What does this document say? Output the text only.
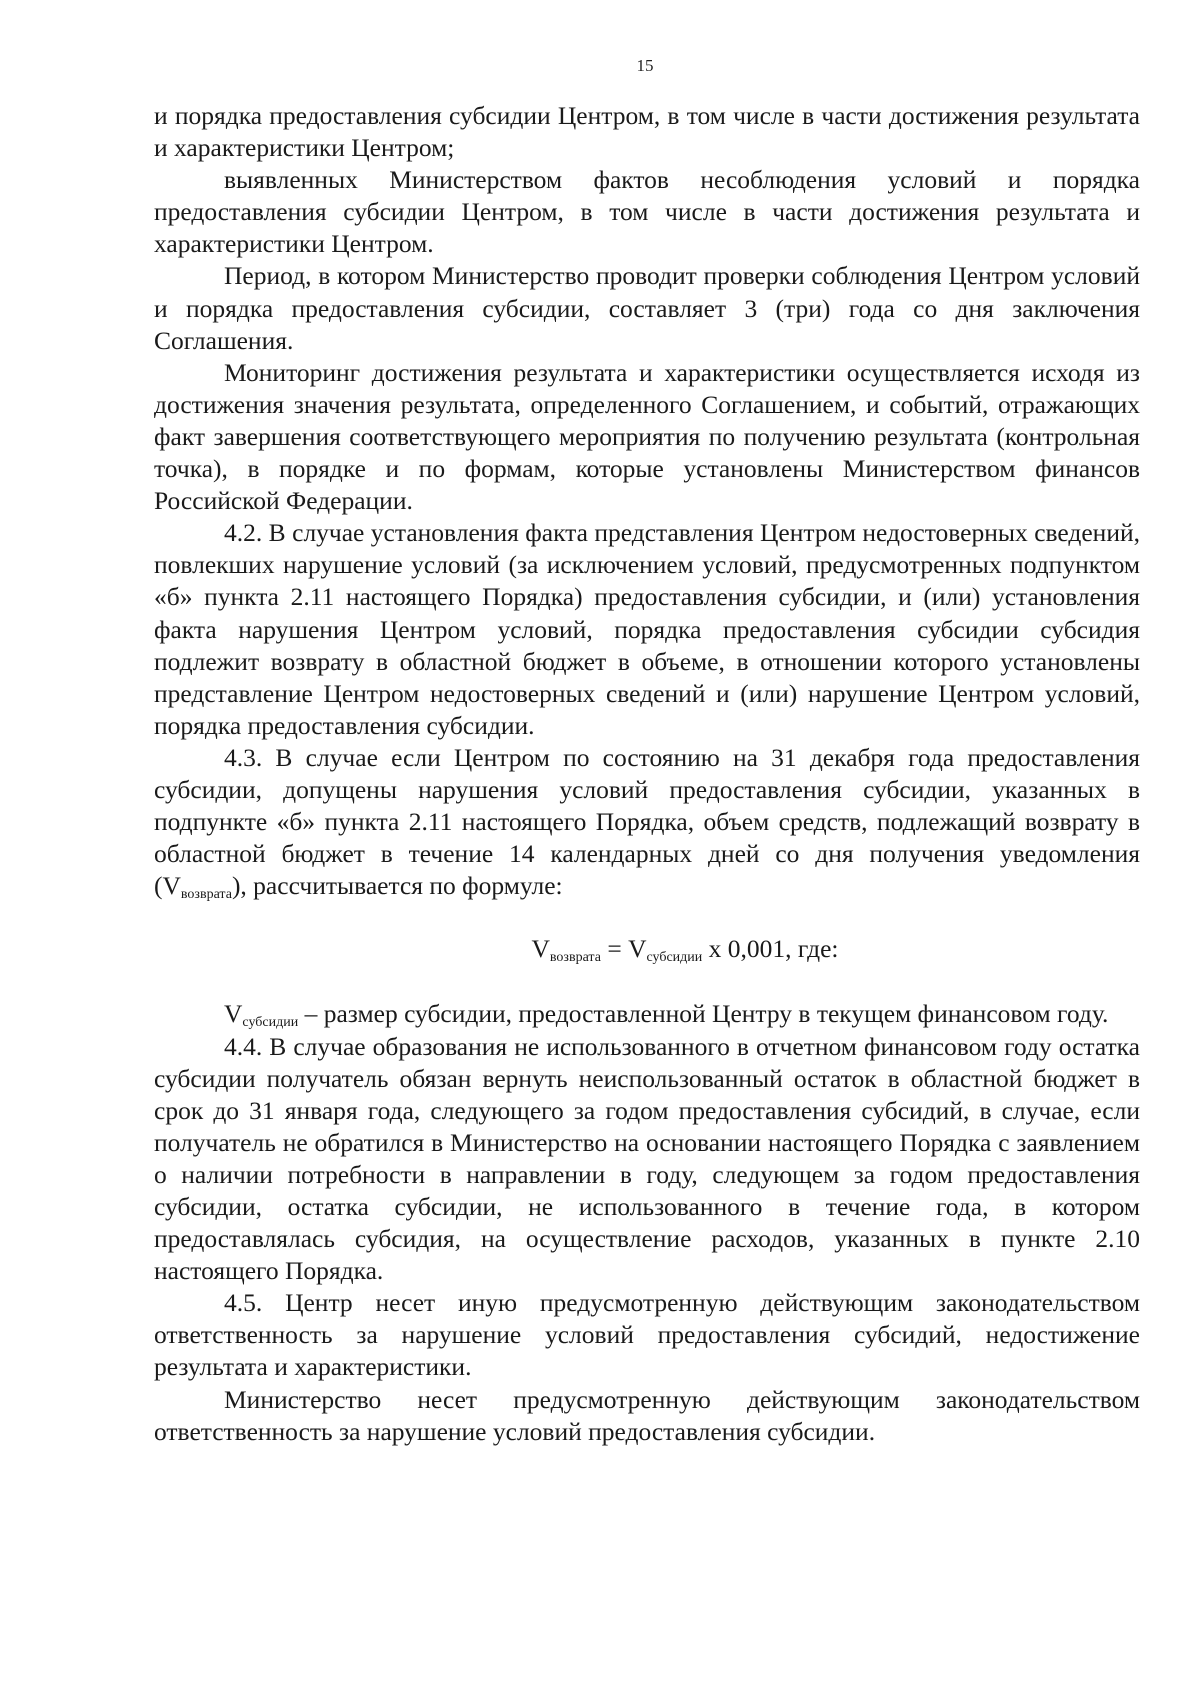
15

и порядка предоставления субсидии Центром, в том числе в части достижения результата и характеристики Центром;

выявленных Министерством фактов несоблюдения условий и порядка предоставления субсидии Центром, в том числе в части достижения результата и характеристики Центром.

Период, в котором Министерство проводит проверки соблюдения Центром условий и порядка предоставления субсидии, составляет 3 (три) года со дня заключения Соглашения.

Мониторинг достижения результата и характеристики осуществляется исходя из достижения значения результата, определенного Соглашением, и событий, отражающих факт завершения соответствующего мероприятия по получению результата (контрольная точка), в порядке и по формам, которые установлены Министерством финансов Российской Федерации.

4.2. В случае установления факта представления Центром недостоверных сведений, повлекших нарушение условий (за исключением условий, предусмотренных подпунктом «б» пункта 2.11 настоящего Порядка) предоставления субсидии, и (или) установления факта нарушения Центром условий, порядка предоставления субсидии субсидия подлежит возврату в областной бюджет в объеме, в отношении которого установлены представление Центром недостоверных сведений и (или) нарушение Центром условий, порядка предоставления субсидии.

4.3. В случае если Центром по состоянию на 31 декабря года предоставления субсидии, допущены нарушения условий предоставления субсидии, указанных в подпункте «б» пункта 2.11 настоящего Порядка, объем средств, подлежащий возврату в областной бюджет в течение 14 календарных дней со дня получения уведомления $(V_{возврата})$, рассчитывается по формуле:

$V_{возврата} = V_{субсидии}$ x 0,001, где:

$V_{субсидии}$ – размер субсидии, предоставленной Центру в текущем финансовом году.

4.4. В случае образования не использованного в отчетном финансовом году остатка субсидии получатель обязан вернуть неиспользованный остаток в областной бюджет в срок до 31 января года, следующего за годом предоставления субсидий, в случае, если получатель не обратился в Министерство на основании настоящего Порядка с заявлением о наличии потребности в направлении в году, следующем за годом предоставления субсидии, остатка субсидии, не использованного в течение года, в котором предоставлялась субсидия, на осуществление расходов, указанных в пункте 2.10 настоящего Порядка.

4.5. Центр несет иную предусмотренную действующим законодательством ответственность за нарушение условий предоставления субсидий, недостижение результата и характеристики.

Министерство несет предусмотренную действующим законодательством ответственность за нарушение условий предоставления субсидии.
